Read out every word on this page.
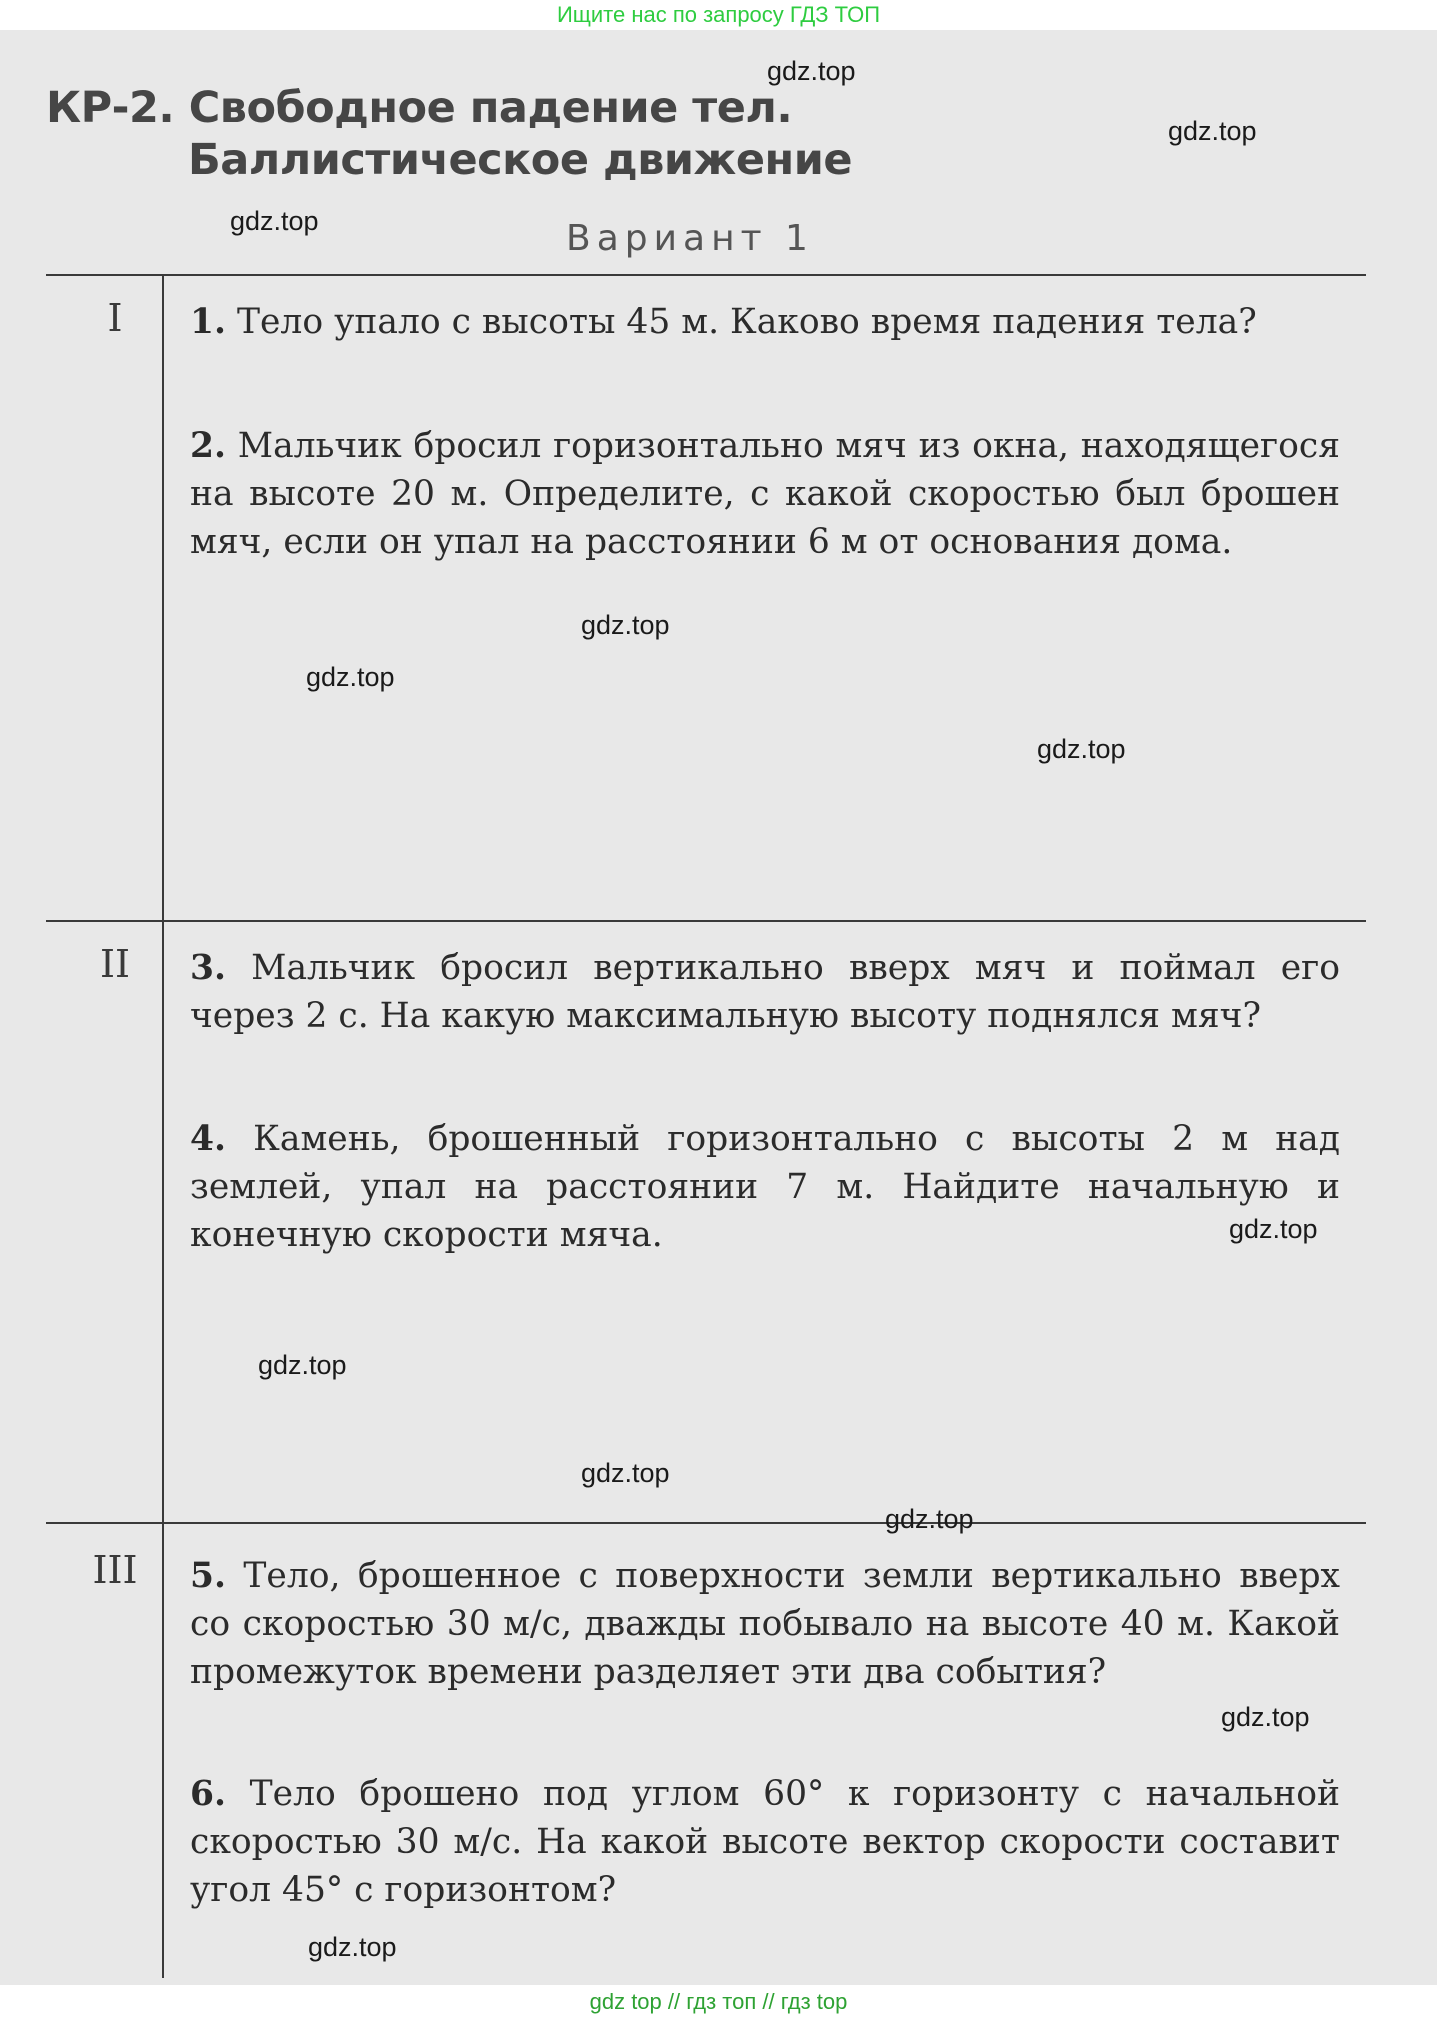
Ищите нас по запросу ГДЗ ТОП
КР-2. Свободное падение тел.
Баллистическое движение
Вариант 1
I	1. Тело упало с высоты 45 м. Каково время падения тела?

2. Мальчик бросил горизонтально мяч из окна, находящегося на высоте 20 м. Определите, с какой скоростью был брошен мяч, если он упал на расстоянии 6 м от основания дома.

II	3. Мальчик бросил вертикально вверх мяч и поймал его через 2 с. На какую максимальную высоту поднялся мяч?

4. Камень, брошенный горизонтально с высоты 2 м над землей, упал на расстоянии 7 м. Найдите начальную и конечную скорости мяча.

III	5. Тело, брошенное с поверхности земли вертикально вверх со скоростью 30 м/с, дважды побывало на высоте 40 м. Какой промежуток времени разделяет эти два события?

6. Тело брошено под углом 60° к горизонту с начальной скоростью 30 м/с. На какой высоте вектор скорости составит угол 45° с горизонтом?

gdz.top
gdz.top
gdz.top
gdz.top
gdz.top
gdz.top
gdz.top
gdz.top
gdz.top
gdz.top
gdz.top
gdz.top
gdz top // гдз топ // гдз top
